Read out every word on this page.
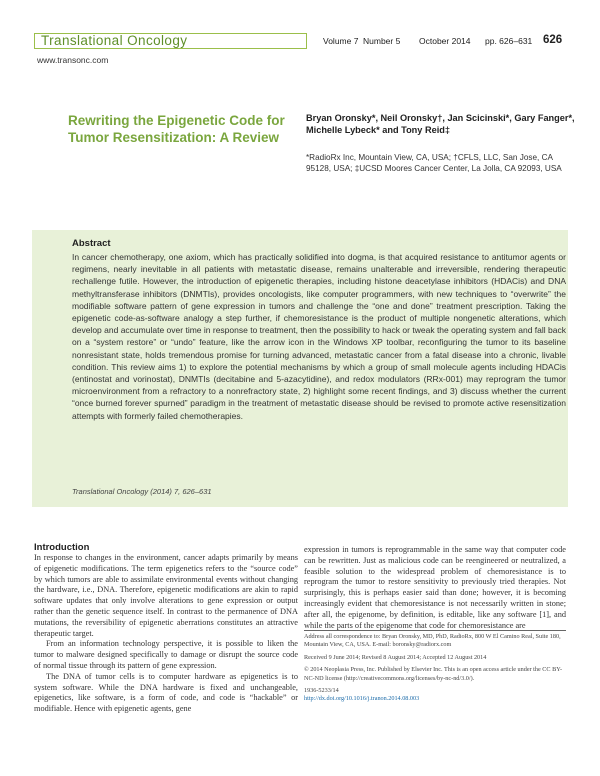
Translational Oncology
www.transonc.com
Volume 7 Number 5 October 2014 pp. 626–631 626
Rewriting the Epigenetic Code for Tumor Resensitization: A Review
Bryan Oronsky*, Neil Oronsky†, Jan Scicinski*, Gary Fanger*, Michelle Lybeck* and Tony Reid‡
*RadioRx Inc, Mountain View, CA, USA; †CFLS, LLC, San Jose, CA 95128, USA; ‡UCSD Moores Cancer Center, La Jolla, CA 92093, USA
Abstract
In cancer chemotherapy, one axiom, which has practically solidified into dogma, is that acquired resistance to antitumor agents or regimens, nearly inevitable in all patients with metastatic disease, remains unalterable and irreversible, rendering therapeutic rechallenge futile. However, the introduction of epigenetic therapies, including histone deacetylase inhibitors (HDACis) and DNA methyltransferase inhibitors (DNMTIs), provides oncologists, like computer programmers, with new techniques to “overwrite” the modifiable software pattern of gene expression in tumors and challenge the “one and done” treatment prescription. Taking the epigenetic code-as-software analogy a step further, if chemoresistance is the product of multiple nongenetic alterations, which develop and accumulate over time in response to treatment, then the possibility to hack or tweak the operating system and fall back on a “system restore” or “undo” feature, like the arrow icon in the Windows XP toolbar, reconfiguring the tumor to its baseline nonresistant state, holds tremendous promise for turning advanced, metastatic cancer from a fatal disease into a chronic, livable condition. This review aims 1) to explore the potential mechanisms by which a group of small molecule agents including HDACis (entinostat and vorinostat), DNMTIs (decitabine and 5-azacytidine), and redox modulators (RRx-001) may reprogram the tumor microenvironment from a refractory to a nonrefractory state, 2) highlight some recent findings, and 3) discuss whether the current “once burned forever spurned” paradigm in the treatment of metastatic disease should be revised to promote active resensitization attempts with formerly failed chemotherapies.
Translational Oncology (2014) 7, 626–631
Introduction

In response to changes in the environment, cancer adapts primarily by means of epigenetic modifications. The term epigenetics refers to the “source code” by which tumors are able to assimilate environmental events without changing the hardware, i.e., DNA. Therefore, epigenetic modifications are akin to rapid software updates that only involve alterations to gene expression or output rather than the genetic sequence itself. In contrast to the permanence of DNA mutations, the reversibility of epigenetic aberrations constitutes an attractive therapeutic target.

From an information technology perspective, it is possible to liken the tumor to malware designed specifically to damage or disrupt the source code of normal tissue through its pattern of gene expression.

The DNA of tumor cells is to computer hardware as epigenetics is to system software. While the DNA hardware is fixed and unchangeable, epigenetics, like software, is a form of code, and code is “hackable” or modifiable. Hence with epigenetic agents, gene

expression in tumors is reprogrammable in the same way that computer code can be rewritten. Just as malicious code can be reengineered or neutralized, a feasible solution to the widespread problem of chemoresistance is to reprogram the tumor to restore sensitivity to previously tried therapies. Not surprisingly, this is perhaps easier said than done; however, it is becoming increasingly evident that chemoresistance is not necessarily written in stone; after all, the epigenome, by definition, is editable, like any software [1], and while the parts of the epigenome that code for chemoresistance are

Address all correspondence to: Bryan Oronsky, MD, PhD, RadioRx, 800 W El Camino Real, Suite 180, Mountain View, CA, USA. E-mail: boronsky@radiorx.com

Received 9 June 2014; Revised 8 August 2014; Accepted 12 August 2014

© 2014 Neoplasia Press, Inc. Published by Elsevier Inc. This is an open access article under the CC BY-NC-ND license (http://creativecommons.org/licenses/by-nc-nd/3.0/).

1936-5233/14

http://dx.doi.org/10.1016/j.tranon.2014.08.003
